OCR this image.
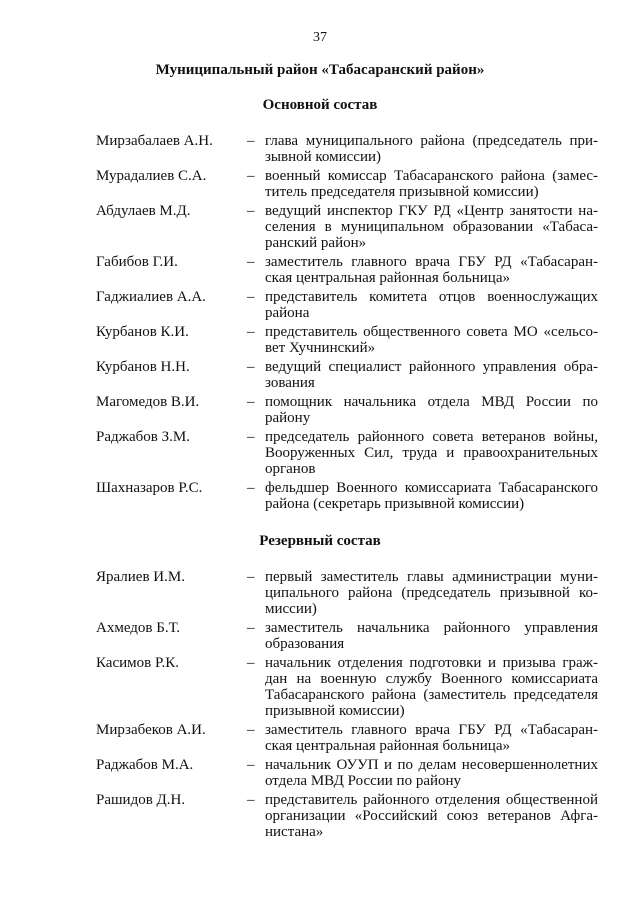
37
Муниципальный район «Табасаранский район»
Основной состав
Мирзабалаев А.Н.	– глава муниципального района (председатель при-зывной комиссии)
Мурадалиев С.А.	– военный комиссар Табасаранского района (замес-титель председателя призывной комиссии)
Абдулаев М.Д.	– ведущий инспектор ГКУ РД «Центр занятости на-селения в муниципальном образовании «Табаса-ранский район»
Габибов Г.И.	– заместитель главного врача ГБУ РД «Табасаран-ская центральная районная больница»
Гаджиалиев А.А.	– представитель комитета отцов военнослужащих района
Курбанов К.И.	– представитель общественного совета МО «сельсо-вет Хучнинский»
Курбанов Н.Н.	– ведущий специалист районного управления обра-зования
Магомедов В.И.	– помощник начальника отдела МВД России по району
Раджабов З.М.	– председатель районного совета ветеранов войны, Вооруженных Сил, труда и правоохранительных органов
Шахназаров Р.С.	– фельдшер Военного комиссариата Табасаранского района (секретарь призывной комиссии)
Резервный состав
Яралиев И.М.	– первый заместитель главы администрации муни-ципального района (председатель призывной ко-миссии)
Ахмедов Б.Т.	– заместитель начальника районного управления образования
Касимов Р.К.	– начальник отделения подготовки и призыва граж-дан на военную службу Военного комиссариата Табасаранского района (заместитель председателя призывной комиссии)
Мирзабеков А.И.	– заместитель главного врача ГБУ РД «Табасаран-ская центральная районная больница»
Раджабов М.А.	– начальник ОУУП и по делам несовершеннолетних отдела МВД России по району
Рашидов Д.Н.	– представитель районного отделения общественной организации «Российский союз ветеранов Афга-нистана»
